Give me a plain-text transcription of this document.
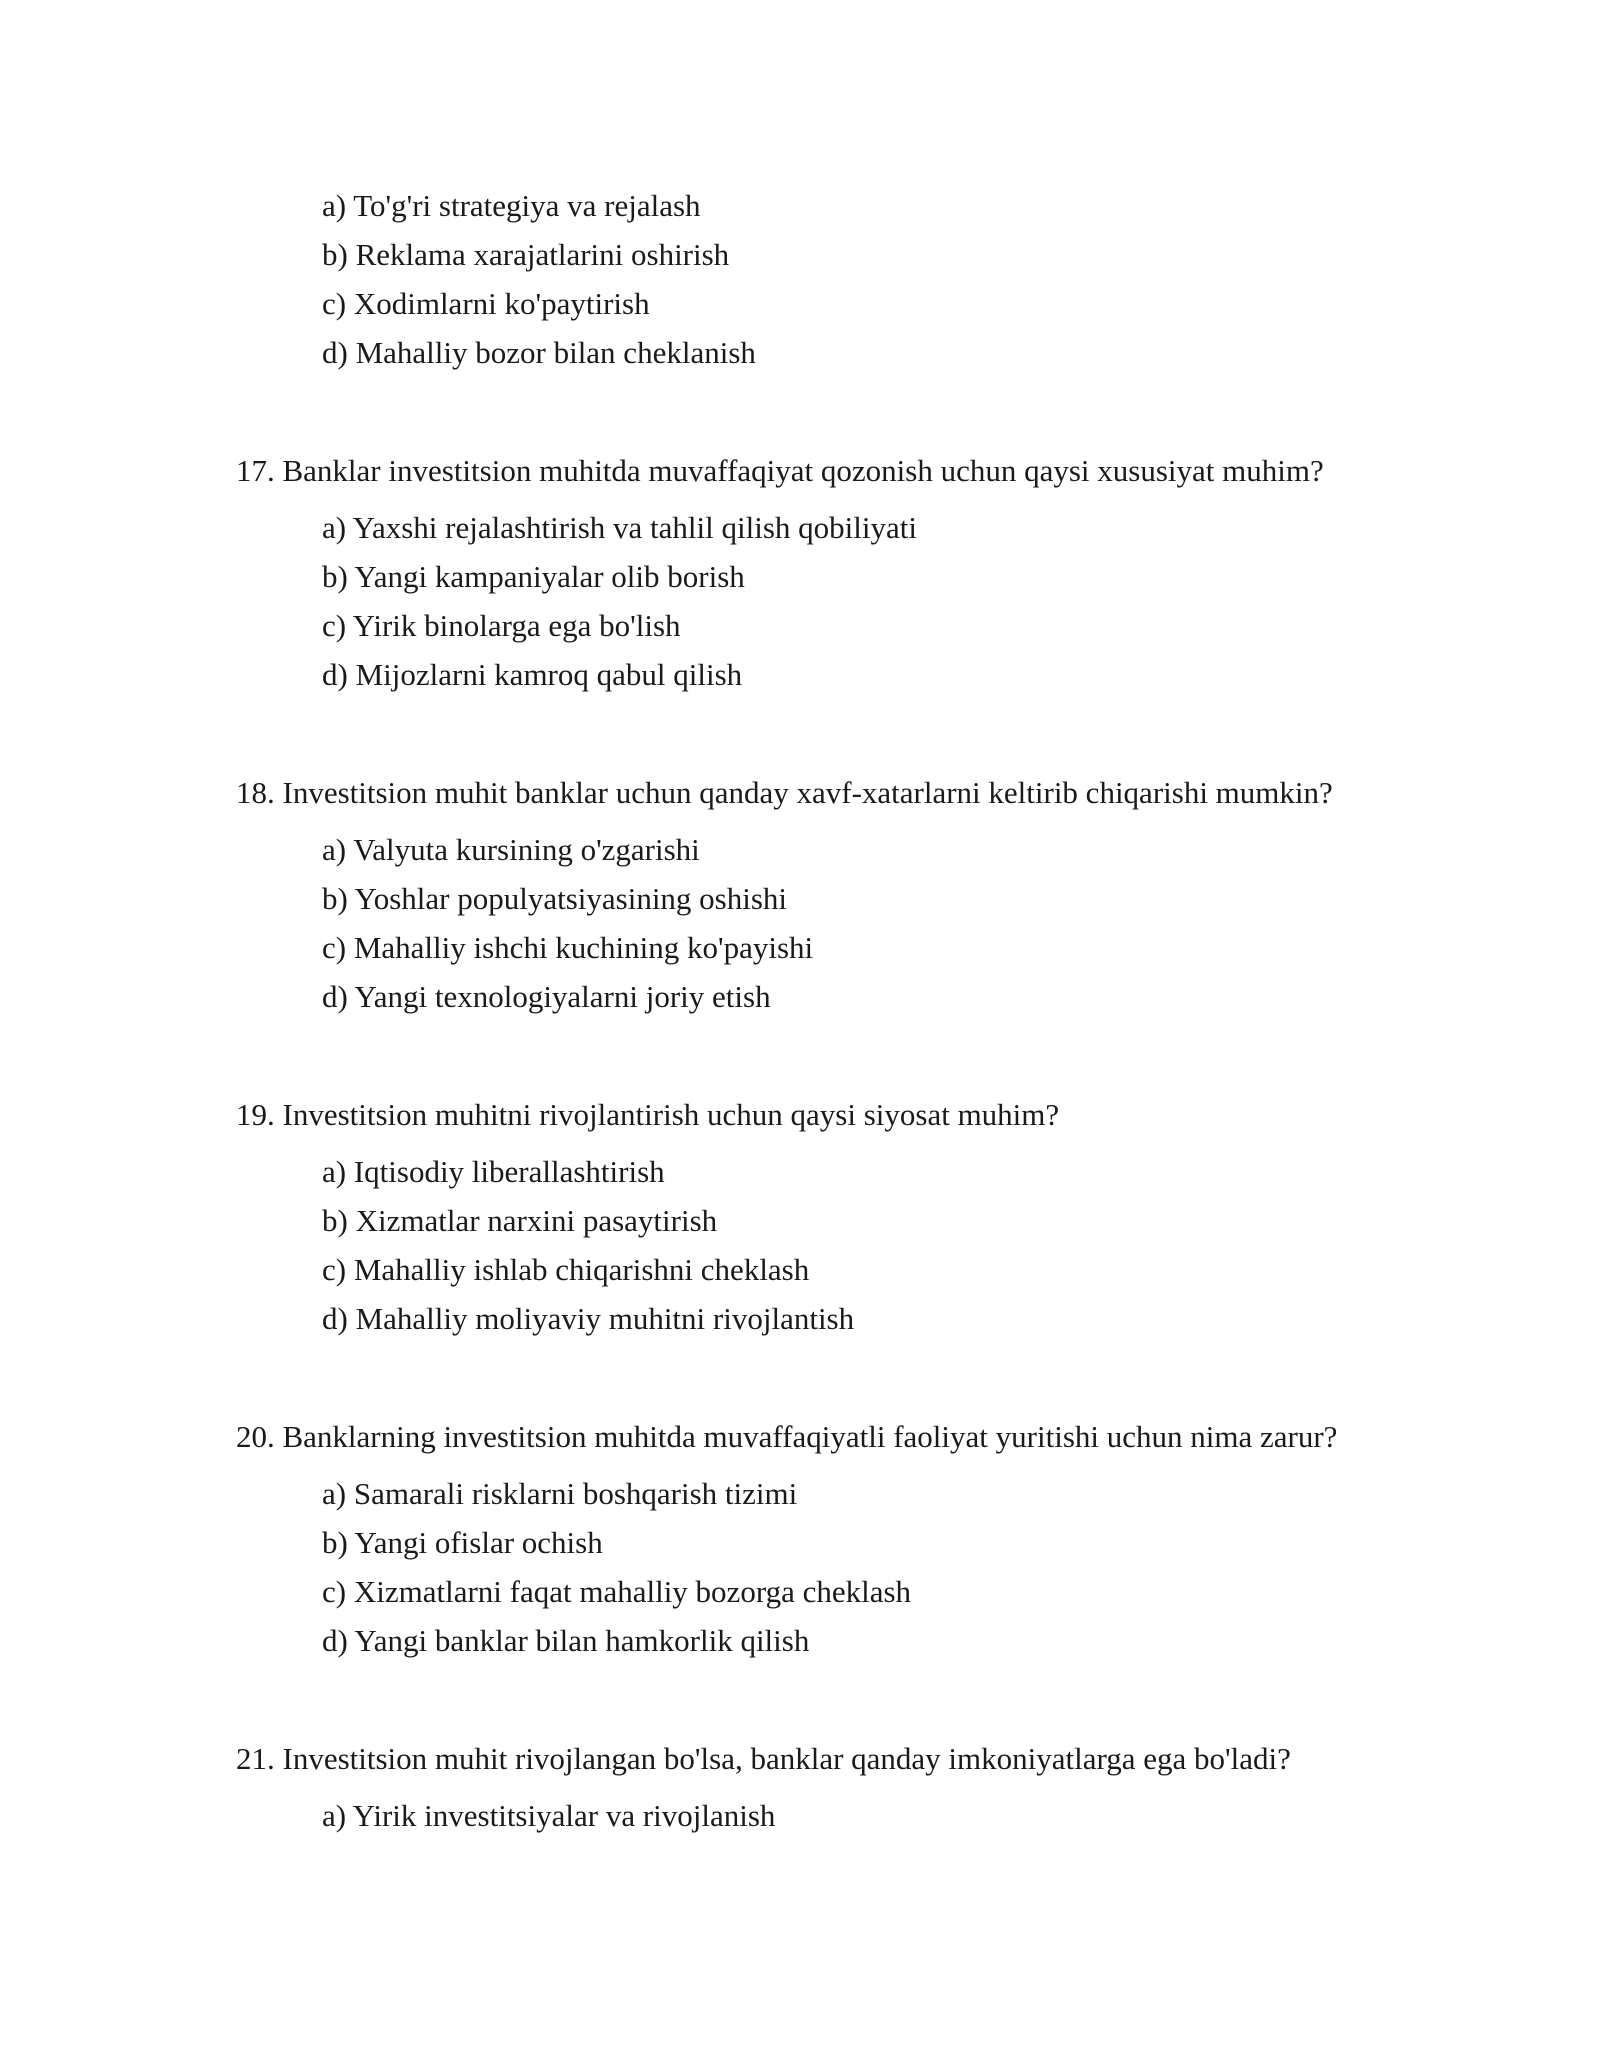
a) To'g'ri strategiya va rejalash
b) Reklama xarajatlarini oshirish
c) Xodimlarni ko'paytirish
d) Mahalliy bozor bilan cheklanish
17. Banklar investitsion muhitda muvaffaqiyat qozonish uchun qaysi xususiyat muhim?
a) Yaxshi rejalashtirish va tahlil qilish qobiliyati
b) Yangi kampaniyalar olib borish
c) Yirik binolarga ega bo'lish
d) Mijozlarni kamroq qabul qilish
18. Investitsion muhit banklar uchun qanday xavf-xatarlarni keltirib chiqarishi mumkin?
a) Valyuta kursining o'zgarishi
b) Yoshlar populyatsiyasining oshishi
c) Mahalliy ishchi kuchining ko'payishi
d) Yangi texnologiyalarni joriy etish
19. Investitsion muhitni rivojlantirish uchun qaysi siyosat muhim?
a) Iqtisodiy liberallashtirish
b) Xizmatlar narxini pasaytirish
c) Mahalliy ishlab chiqarishni cheklash
d) Mahalliy moliyaviy muhitni rivojlantish
20. Banklarning investitsion muhitda muvaffaqiyatli faoliyat yuritishi uchun nima zarur?
a) Samarali risklarni boshqarish tizimi
b) Yangi ofislar ochish
c) Xizmatlarni faqat mahalliy bozorga cheklash
d) Yangi banklar bilan hamkorlik qilish
21. Investitsion muhit rivojlangan bo'lsa, banklar qanday imkoniyatlarga ega bo'ladi?
a) Yirik investitsiyalar va rivojlanish
